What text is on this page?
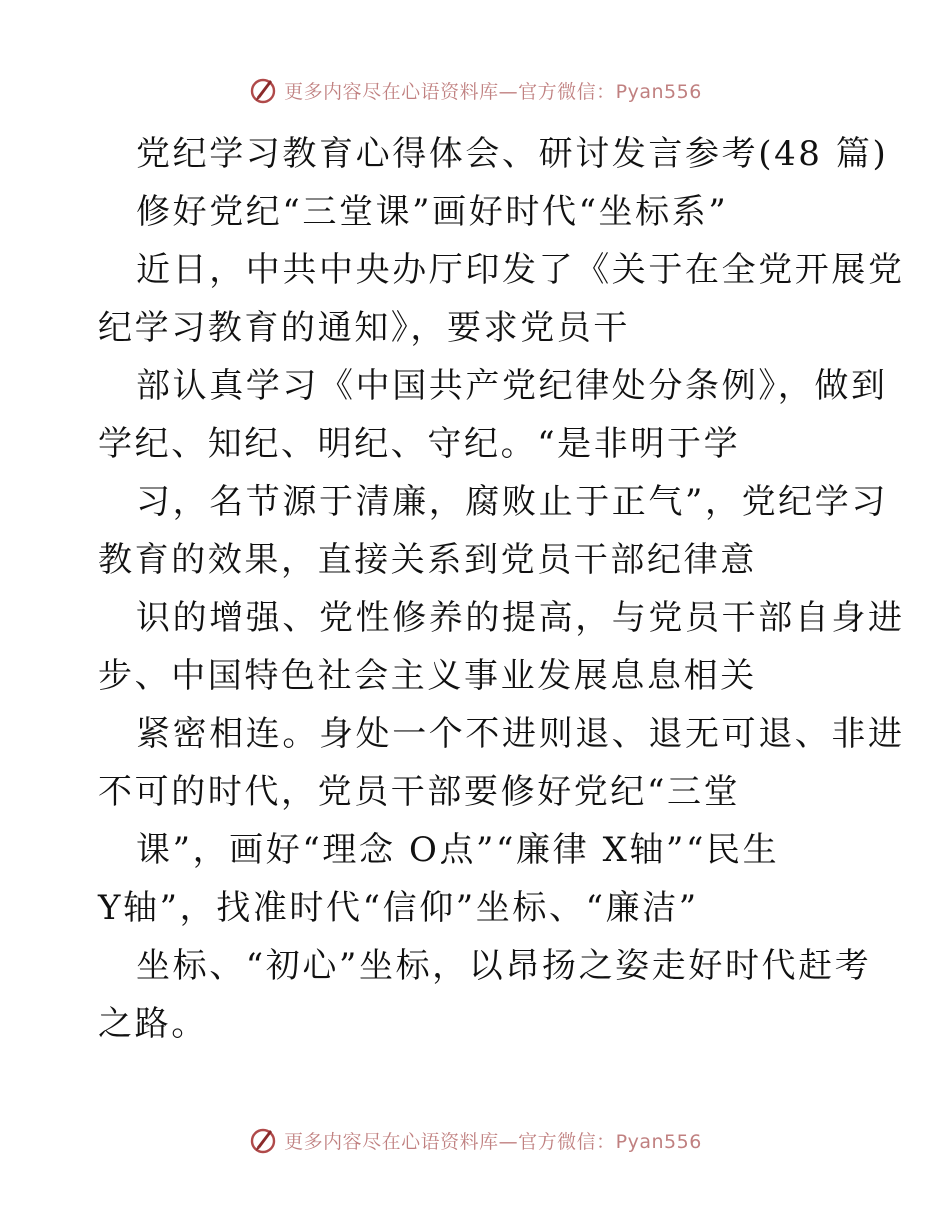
更多内容尽在心语资料库—官方微信：Pyan556
党纪学习教育心得体会、研讨发言参考(48 篇)
修好党纪“三堂课”画好时代“坐标系”
近日，中共中央办厅印发了《关于在全党开展党
纪学习教育的通知》，要求党员干
部认真学习《中国共产党纪律处分条例》，做到
学纪、知纪、明纪、守纪。“是非明于学
习，名节源于清廉，腐败止于正气”，党纪学习
教育的效果，直接关系到党员干部纪律意
识的增强、党性修养的提高，与党员干部自身进
步、中国特色社会主义事业发展息息相关
紧密相连。身处一个不进则退、退无可退、非进
不可的时代，党员干部要修好党纪“三堂
课”，画好“理念 O点”“廉律 X轴”“民生
Y轴”，找准时代“信仰”坐标、“廉洁”
坐标、“初心”坐标，以昂扬之姿走好时代赶考
之路。
更多内容尽在心语资料库—官方微信：Pyan556
